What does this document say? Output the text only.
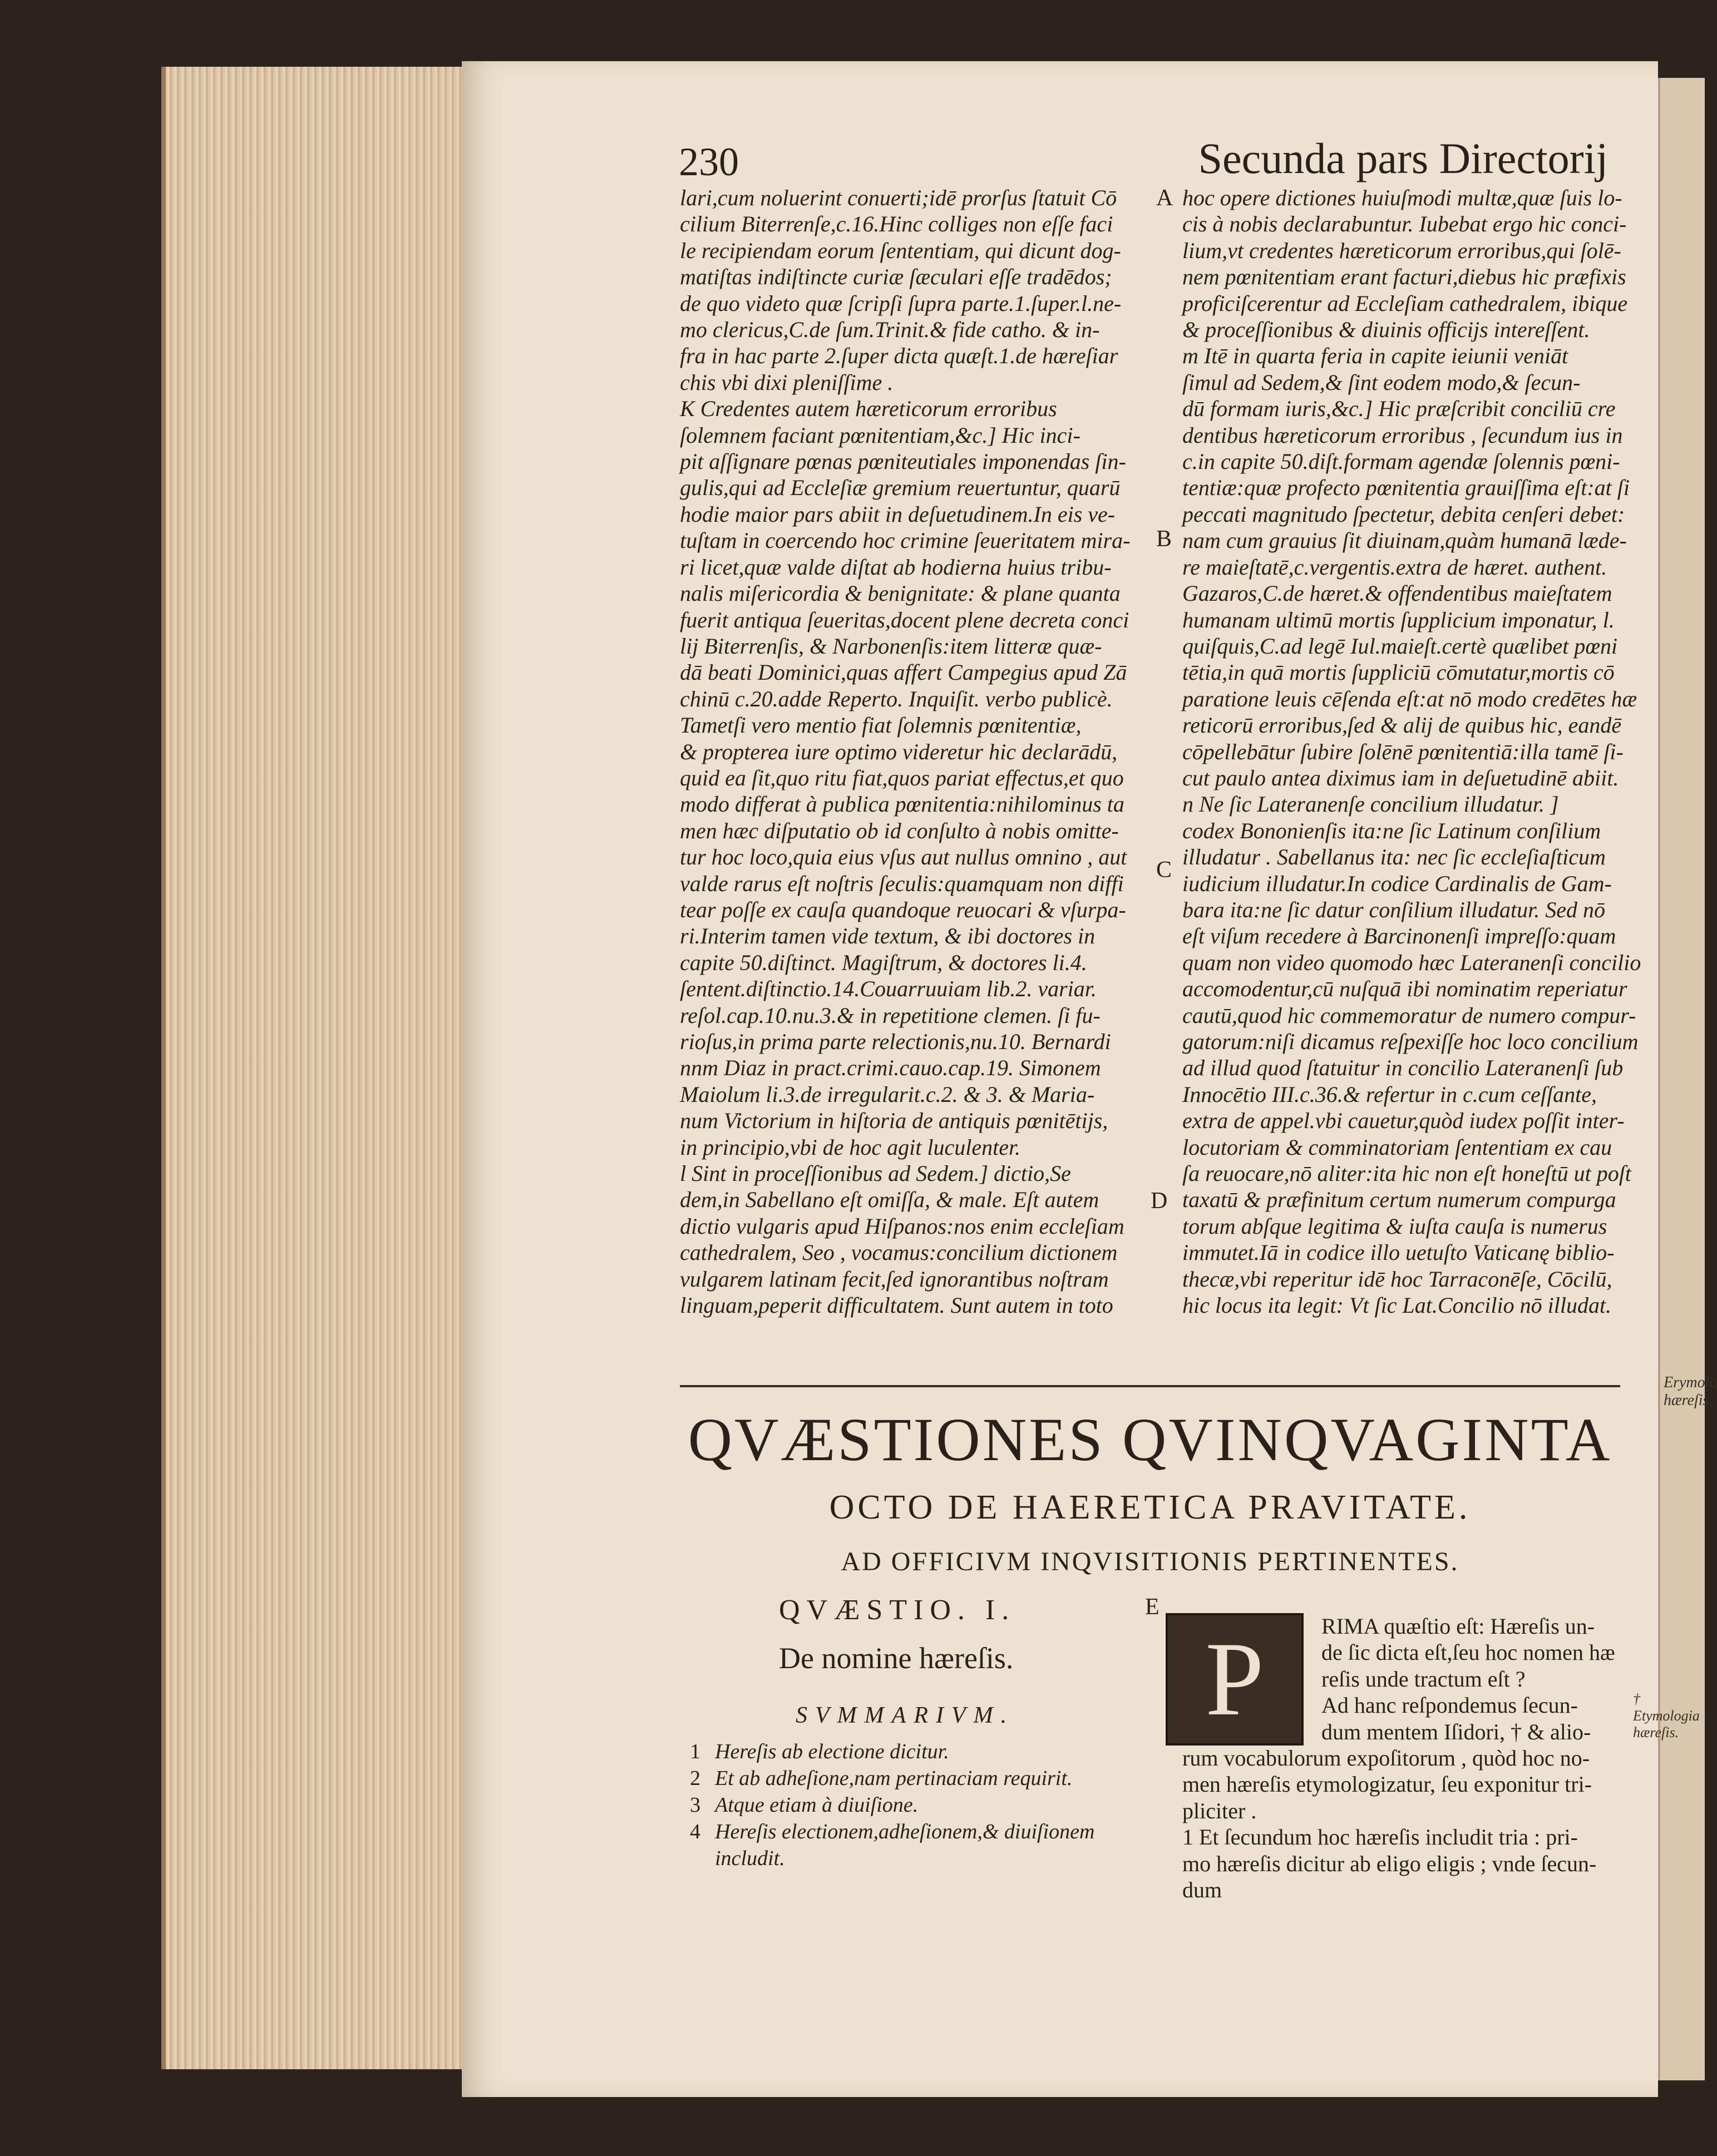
Erymolo hæreſis.
230	Secunda pars Directorij
A
B
C
D
E
lari,cum noluerint conuerti;idē prorſus ſtatuit Cō
cilium Biterrenſe,c.16.Hinc colliges non eſſe faci
le recipiendam eorum ſententiam, qui dicunt dog-
matiſtas indiſtincte curiæ ſæculari eſſe tradēdos;
de quo videto quæ ſcripſi ſupra parte.1.ſuper.l.ne-
mo clericus,C.de ſum.Trinit.& fide catho. & in-
fra in hac parte 2.ſuper dicta quæſt.1.de hæreſiar
chis vbi dixi pleniſſime .
K Credentes autem hæreticorum erroribus
ſolemnem faciant pœnitentiam,&c.] Hic inci-
pit aſſignare pœnas pœniteutiales imponendas ſin-
gulis,qui ad Eccleſiæ gremium reuertuntur, quarū
hodie maior pars abiit in deſuetudinem.In eis ve-
tuſtam in coercendo hoc crimine ſeueritatem mira-
ri licet,quæ valde diſtat ab hodierna huius tribu-
nalis miſericordia & benignitate: & plane quanta
fuerit antiqua ſeueritas,docent plene decreta conci
lij Biterrenſis, & Narbonenſis:item litteræ quæ-
dā beati Dominici,quas affert Campegius apud Zā
chinū c.20.adde Reperto. Inquiſit. verbo publicè.
Tametſi vero mentio fiat ſolemnis pœnitentiæ,
& propterea iure optimo videretur hic declarādū,
quid ea ſit,quo ritu fiat,quos pariat effectus,et quo
modo differat à publica pœnitentia:nihilominus ta
men hæc diſputatio ob id conſulto à nobis omitte-
tur hoc loco,quia eius vſus aut nullus omnino , aut
valde rarus eſt noſtris ſeculis:quamquam non diffi
tear poſſe ex cauſa quandoque reuocari & vſurpa-
ri.Interim tamen vide textum, & ibi doctores in
capite 50.diſtinct. Magiſtrum, & doctores li.4.
ſentent.diſtinctio.14.Couarruuiam lib.2. variar.
reſol.cap.10.nu.3.& in repetitione clemen. ſi fu-
rioſus,in prima parte relectionis,nu.10. Bernardi
nnm Diaz in pract.crimi.cauo.cap.19. Simonem
Maiolum li.3.de irregularit.c.2. & 3. & Maria-
num Victorium in hiſtoria de antiquis pœnitētijs,
in principio,vbi de hoc agit luculenter.
l Sint in proceſſionibus ad Sedem.] dictio,Se
dem,in Sabellano eſt omiſſa, & male. Eſt autem
dictio vulgaris apud Hiſpanos:nos enim eccleſiam
cathedralem, Seo , vocamus:concilium dictionem
vulgarem latinam fecit,ſed ignorantibus noſtram
linguam,peperit difficultatem. Sunt autem in toto
hoc opere dictiones huiuſmodi multæ,quæ ſuis lo-
cis à nobis declarabuntur. Iubebat ergo hic conci-
lium,vt credentes hæreticorum erroribus,qui ſolē-
nem pœnitentiam erant facturi,diebus hic præfixis
proficiſcerentur ad Eccleſiam cathedralem, ibique
& proceſſionibus & diuinis officijs intereſſent.
m Itē in quarta feria in capite ieiunii veniāt
ſimul ad Sedem,& ſint eodem modo,& ſecun-
dū formam iuris,&c.] Hic præſcribit conciliū cre
dentibus hæreticorum erroribus , ſecundum ius in
c.in capite 50.diſt.formam agendæ ſolennis pœni-
tentiæ:quæ profecto pœnitentia grauiſſima eſt:at ſi
peccati magnitudo ſpectetur, debita cenſeri debet:
nam cum grauius ſit diuinam,quàm humanā læde-
re maieſtatē,c.vergentis.extra de hæret. authent.
Gazaros,C.de hæret.& offendentibus maieſtatem
humanam ultimū mortis ſupplicium imponatur, l.
quiſquis,C.ad legē Iul.maieſt.certè quælibet pœni
tētia,in quā mortis ſuppliciū cōmutatur,mortis cō
paratione leuis cēſenda eſt:at nō modo credētes hæ
reticorū erroribus,ſed & alij de quibus hic, eandē
cōpellebātur ſubire ſolēnē pœnitentiā:illa tamē ſi-
cut paulo antea diximus iam in deſuetudinē abiit.
n Ne ſic Lateranenſe concilium illudatur. ]
codex Bononienſis ita:ne ſic Latinum conſilium
illudatur . Sabellanus ita: nec ſic eccleſiaſticum
iudicium illudatur.In codice Cardinalis de Gam-
bara ita:ne ſic datur conſilium illudatur. Sed nō
eſt viſum recedere à Barcinonenſi impreſſo:quam
quam non video quomodo hæc Lateranenſi concilio
accomodentur,cū nuſquā ibi nominatim reperiatur
cautū,quod hic commemoratur de numero compur-
gatorum:niſi dicamus reſpexiſſe hoc loco concilium
ad illud quod ſtatuitur in concilio Lateranenſi ſub
Innocētio III.c.36.& refertur in c.cum ceſſante,
extra de appel.vbi cauetur,quòd iudex poſſit inter-
locutoriam & comminatoriam ſententiam ex cau
ſa reuocare,nō aliter:ita hic non eſt honeſtū ut poſt
taxatū & præfinitum certum numerum compurga
torum abſque legitima & iuſta cauſa is numerus
immutet.Iā in codice illo uetuſto Vaticanę biblio-
thecæ,vbi reperitur idē hoc Tarraconēſe, Cōcilū,
hic locus ita legit: Vt ſic Lat.Concilio nō illudat.
QVÆSTIONES QVINQVAGINTA
OCTO DE HAERETICA PRAVITATE.
AD OFFICIVM INQVISITIONIS PERTINENTES.
QVÆSTIO. I.
De nomine hæreſis.
SVMMARIVM.
1 Hereſis ab electione dicitur.
2 Et ab adheſione,nam pertinaciam requirit.
3 Atque etiam à diuiſione.
4 Hereſis electionem,adheſionem,& diuiſionem
includit.
P	RIMA quæſtio eſt: Hæreſis un-
de ſic dicta eſt,ſeu hoc nomen hæ
reſis unde tractum eſt ?
Ad hanc reſpondemus ſecun-
dum mentem Iſidori, † & alio-
rum vocabulorum expoſitorum , quòd hoc no-
men hæreſis etymologizatur, ſeu exponitur tri-
pliciter .
1 Et ſecundum hoc hæreſis includit tria : pri-
mo hæreſis dicitur ab eligo eligis ; vnde ſecun-
dum
† Etymologia hæreſis.
